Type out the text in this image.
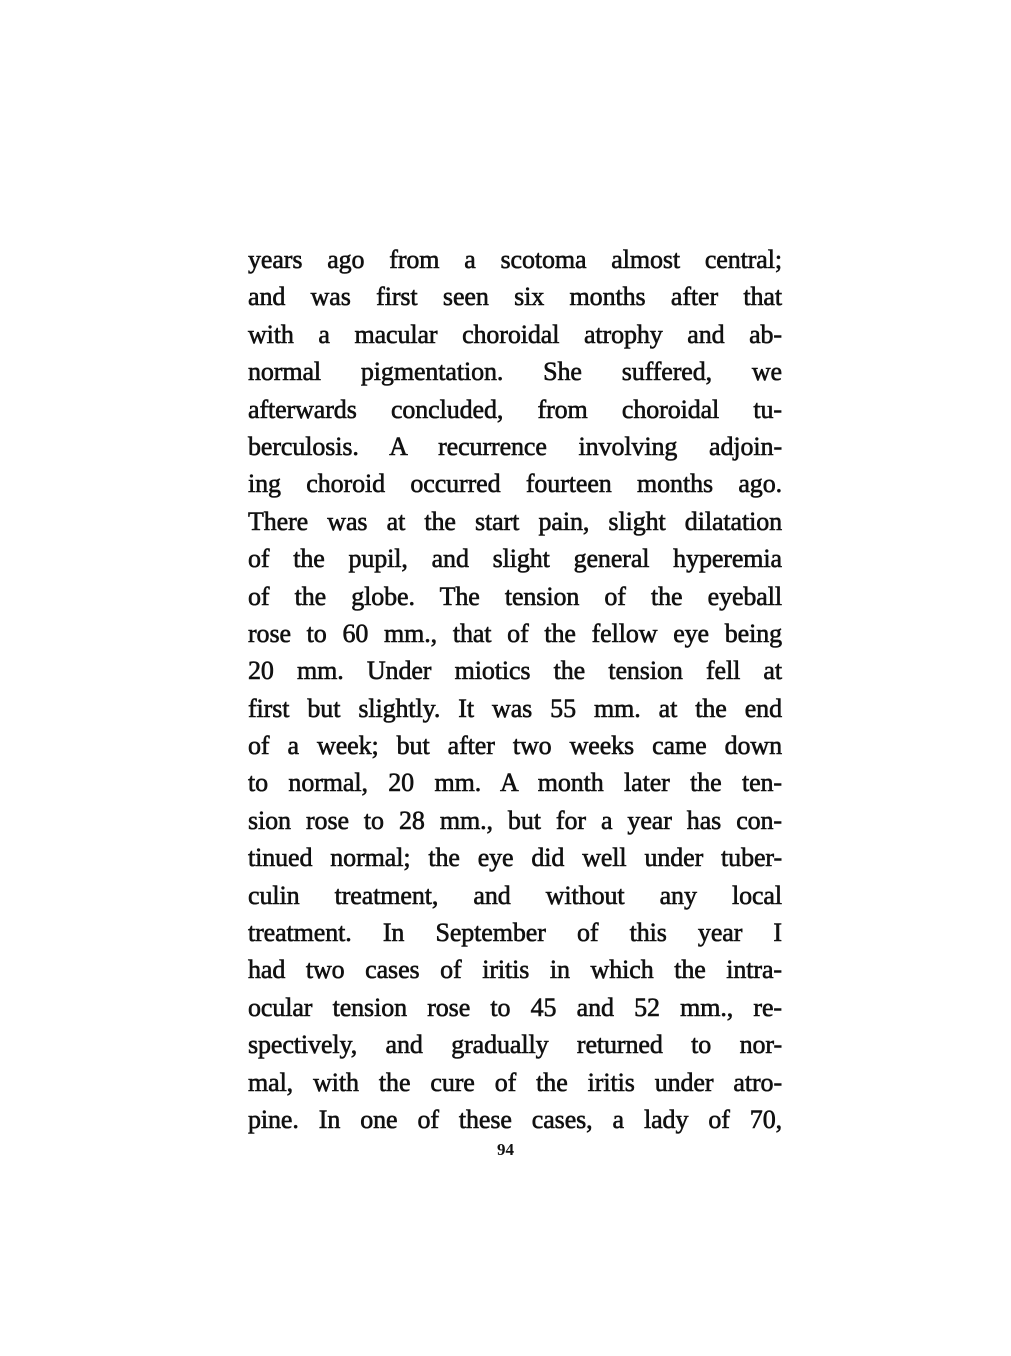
years ago from a scotoma almost central;
and was first seen six months after that
with a macular choroidal atrophy and ab-
normal pigmentation. She suffered, we
afterwards concluded, from choroidal tu-
berculosis. A recurrence involving adjoin-
ing choroid occurred fourteen months ago.
There was at the start pain, slight dilatation
of the pupil, and slight general hyperemia
of the globe. The tension of the eyeball
rose to 60 mm., that of the fellow eye being
20 mm. Under miotics the tension fell at
first but slightly. It was 55 mm. at the end
of a week; but after two weeks came down
to normal, 20 mm. A month later the ten-
sion rose to 28 mm., but for a year has con-
tinued normal; the eye did well under tuber-
culin treatment, and without any local
treatment. In September of this year I
had two cases of iritis in which the intra-
ocular tension rose to 45 and 52 mm., re-
spectively, and gradually returned to nor-
mal, with the cure of the iritis under atro-
pine. In one of these cases, a lady of 70,
94
